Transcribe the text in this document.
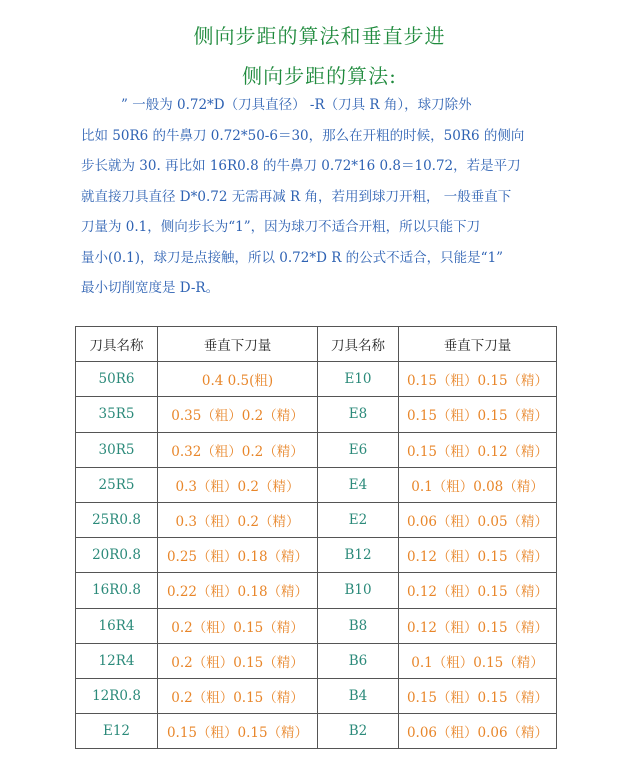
侧向步距的算法和垂直步进
侧向步距的算法:
” 一般为 0.72*D（刀具直径） -R（刀具 R 角），球刀除外
比如 50R6 的牛鼻刀 0.72*50-6＝30，那么在开粗的时候，50R6 的侧向
步长就为 30. 再比如 16R0.8 的牛鼻刀 0.72*16 0.8＝10.72，若是平刀
就直接刀具直径 D*0.72 无需再减 R 角，若用到球刀开粗， 一般垂直下
刀量为 0.1，侧向步长为“1”，因为球刀不适合开粗，所以只能下刀
量小(0.1)，球刀是点接触，所以 0.72*D R 的公式不适合，只能是“1”
最小切削宽度是 D-R。
刀具名称	垂直下刀量	刀具名称	垂直下刀量
50R6	0.4 0.5(粗)	E10	0.15（粗）0.15（精）
35R5	0.35（粗）0.2（精）	E8	0.15（粗）0.15（精）
30R5	0.32（粗）0.2（精）	E6	0.15（粗）0.12（精）
25R5	0.3（粗）0.2（精）	E4	0.1（粗）0.08（精）
25R0.8	0.3（粗）0.2（精）	E2	0.06（粗）0.05（精）
20R0.8	0.25（粗）0.18（精）	B12	0.12（粗）0.15（精）
16R0.8	0.22（粗）0.18（精）	B10	0.12（粗）0.15（精）
16R4	0.2（粗）0.15（精）	B8	0.12（粗）0.15（精）
12R4	0.2（粗）0.15（精）	B6	0.1（粗）0.15（精）
12R0.8	0.2（粗）0.15（精）	B4	0.15（粗）0.15（精）
E12	0.15（粗）0.15（精）	B2	0.06（粗）0.06（精）
